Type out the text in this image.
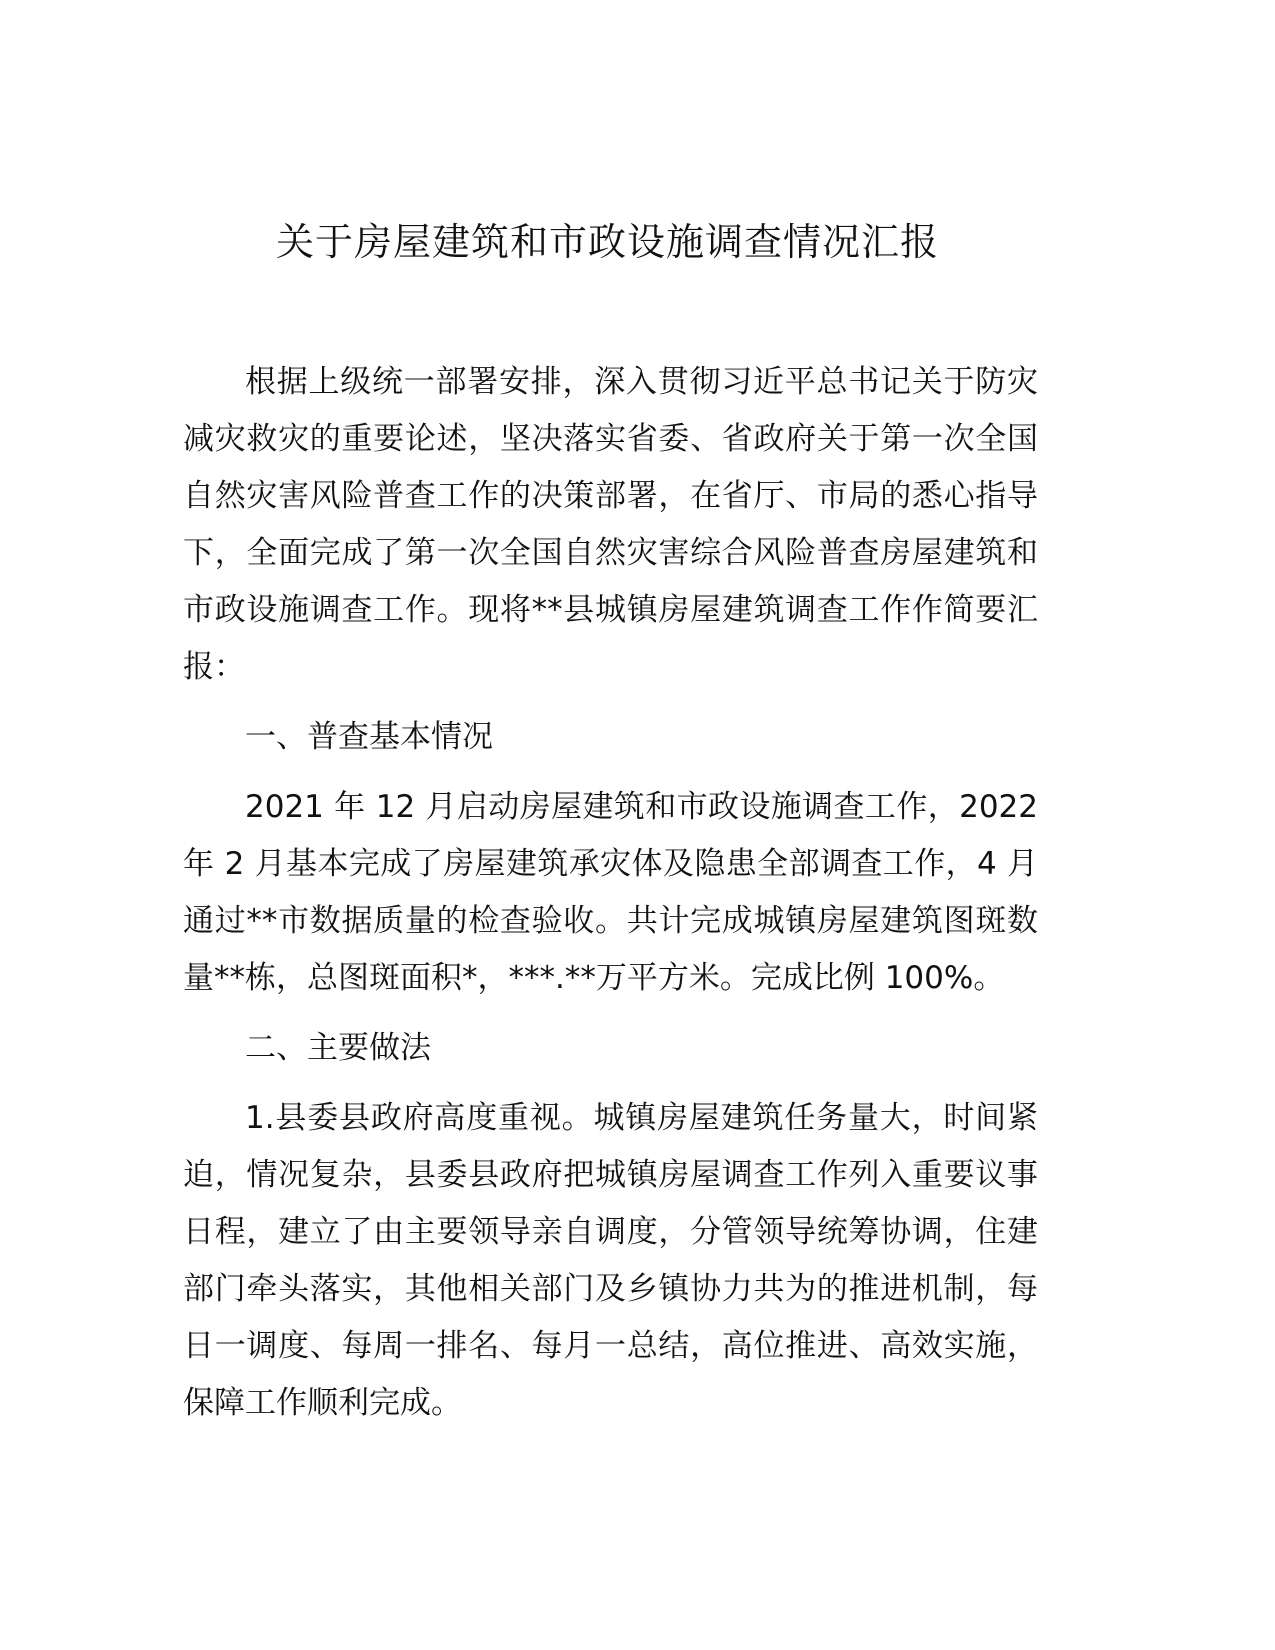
关于房屋建筑和市政设施调查情况汇报

根据上级统一部署安排，深入贯彻习近平总书记关于防灾
减灾救灾的重要论述，坚决落实省委、省政府关于第一次全国
自然灾害风险普查工作的决策部署，在省厅、市局的悉心指导
下，全面完成了第一次全国自然灾害综合风险普查房屋建筑和
市政设施调查工作。现将**县城镇房屋建筑调查工作作简要汇
报：

一、普查基本情况

2021 年 12 月启动房屋建筑和市政设施调查工作，2022
年 2 月基本完成了房屋建筑承灾体及隐患全部调查工作，4 月
通过**市数据质量的检查验收。共计完成城镇房屋建筑图斑数
量**栋，总图斑面积*，***.**万平方米。完成比例 100%。

二、主要做法

1.县委县政府高度重视。城镇房屋建筑任务量大，时间紧
迫，情况复杂，县委县政府把城镇房屋调查工作列入重要议事
日程，建立了由主要领导亲自调度，分管领导统筹协调，住建
部门牵头落实，其他相关部门及乡镇协力共为的推进机制，每
日一调度、每周一排名、每月一总结，高位推进、高效实施，
保障工作顺利完成。
